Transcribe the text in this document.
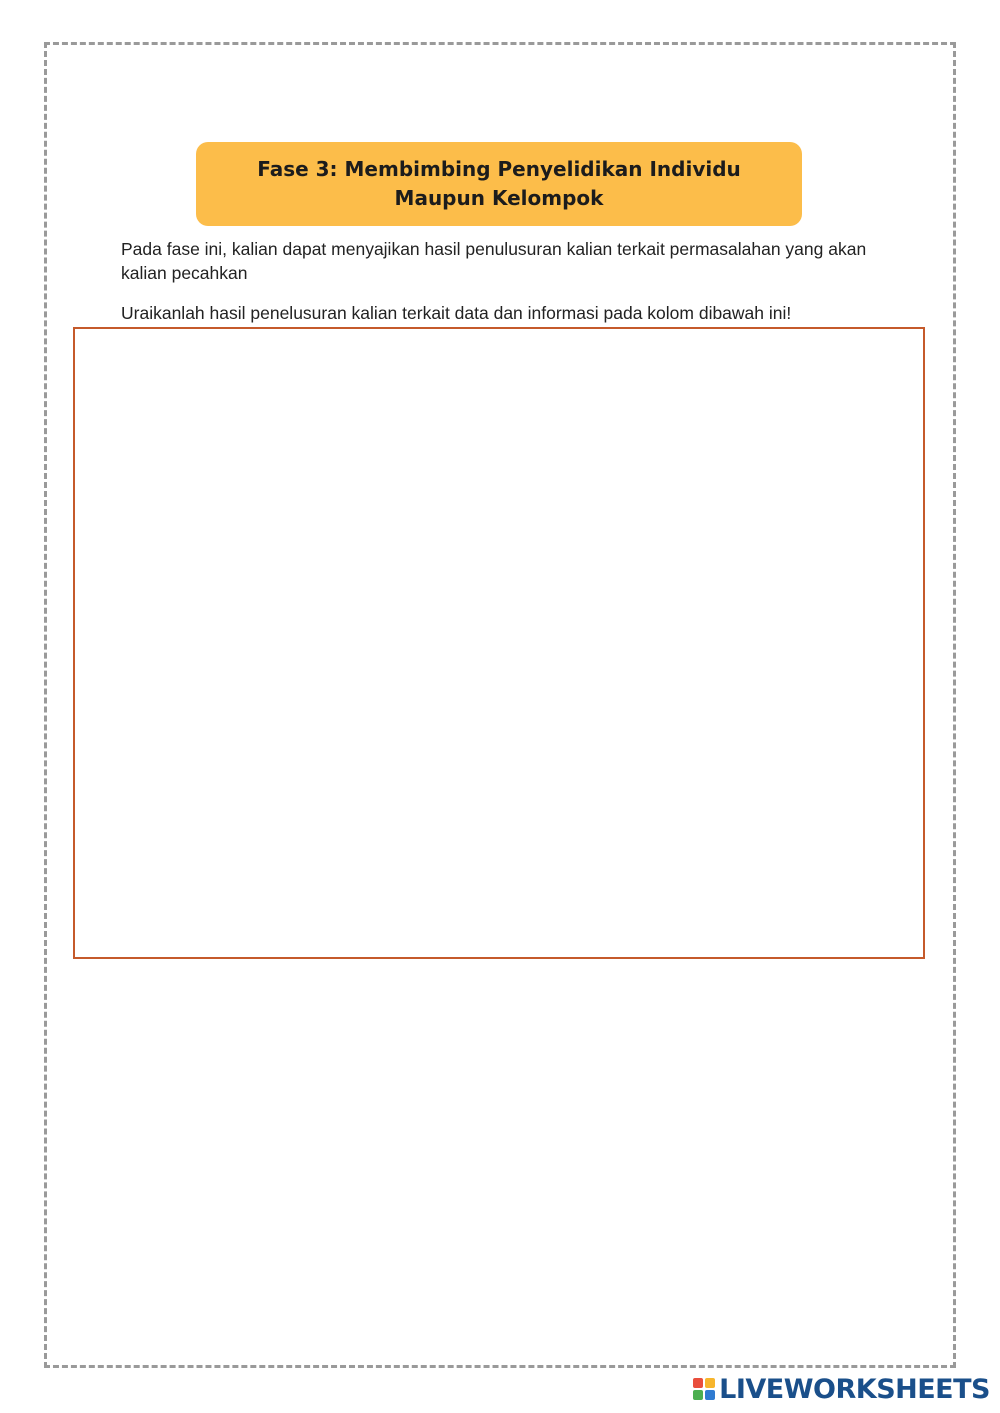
Fase 3: Membimbing Penyelidikan Individu
Maupun Kelompok

Pada fase ini, kalian dapat menyajikan hasil penulusuran kalian terkait permasalahan yang akan kalian pecahkan

Uraikanlah hasil penelusuran kalian terkait data dan informasi pada kolom dibawah ini!

LIVEWORKSHEETS
